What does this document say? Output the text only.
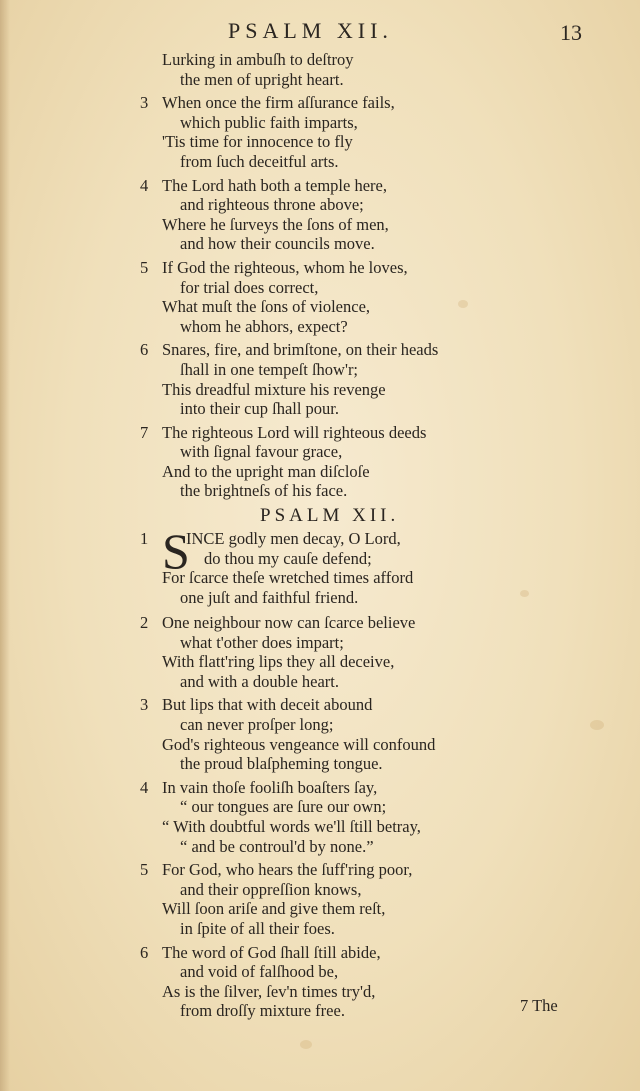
PSALM XII.	13
Lurking in ambuſh to deſtroy
the men of upright heart.
3 When once the firm aſſurance fails,
which public faith imparts,
'Tis time for innocence to fly
from ſuch deceitful arts.
4 The Lord hath both a temple here,
and righteous throne above;
Where he ſurveys the ſons of men,
and how their councils move.
5 If God the righteous, whom he loves,
for trial does correct,
What muſt the ſons of violence,
whom he abhors, expect?
6 Snares, fire, and brimſtone, on their heads
ſhall in one tempeſt ſhow'r;
This dreadful mixture his revenge
into their cup ſhall pour.
7 The righteous Lord will righteous deeds
with ſignal favour grace,
And to the upright man diſcloſe
the brightneſs of his face.
PSALM XII.
1 S
INCE godly men decay, O Lord,
do thou my cauſe defend;
For ſcarce theſe wretched times afford
one juſt and faithful friend.
2 One neighbour now can ſcarce believe
what t'other does impart;
With flatt'ring lips they all deceive,
and with a double heart.
3 But lips that with deceit abound
can never proſper long;
God's righteous vengeance will confound
the proud blaſpheming tongue.
4 In vain thoſe fooliſh boaſters ſay,
“ our tongues are ſure our own;
“ With doubtful words we'll ſtill betray,
“ and be controul'd by none.”
5 For God, who hears the ſuff'ring poor,
and their oppreſſion knows,
Will ſoon ariſe and give them reſt,
in ſpite of all their foes.
6 The word of God ſhall ſtill abide,
and void of falſhood be,
As is the ſilver, ſev'n times try'd,
from droſſy mixture free.	7 The
